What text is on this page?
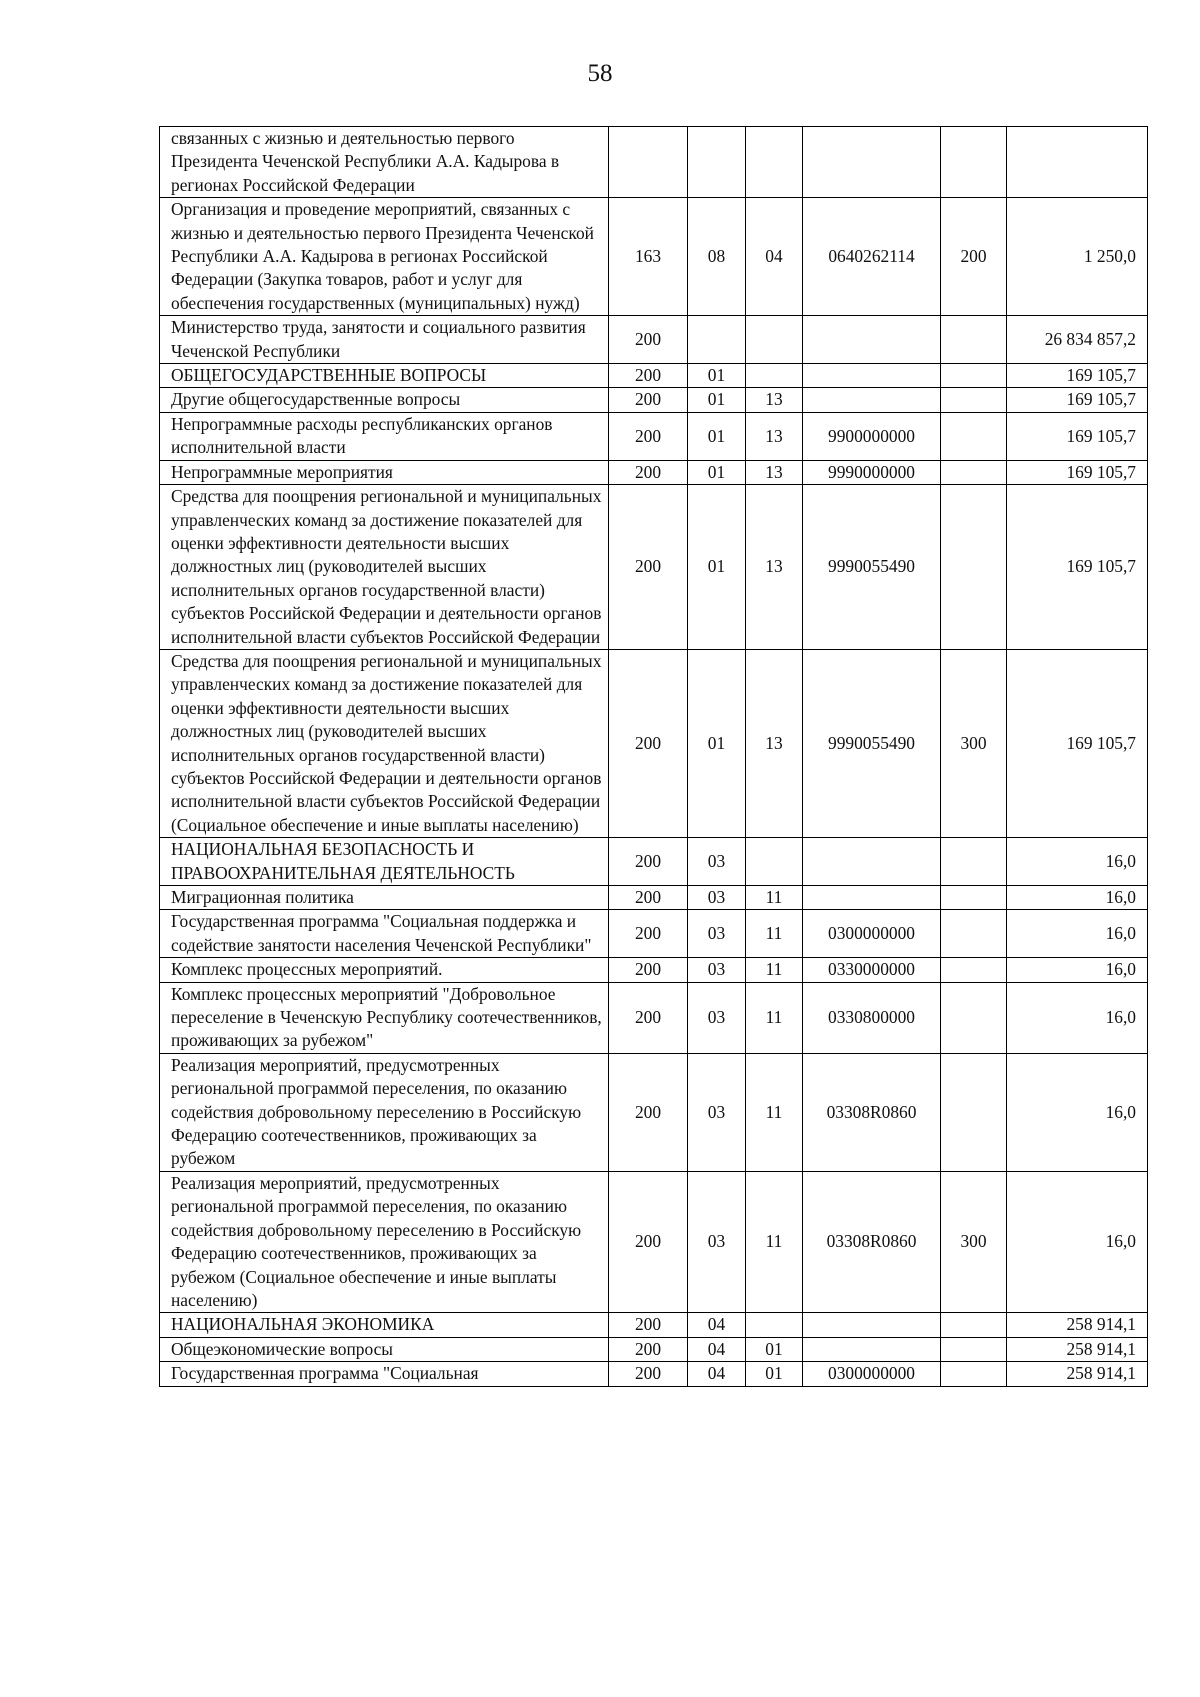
58
связанных с жизнью и деятельностью первого Президента Чеченской Республики А.А. Кадырова в регионах Российской Федерации						
Организация и проведение мероприятий, связанных с жизнью и деятельностью первого Президента Чеченской Республики А.А. Кадырова в регионах Российской Федерации (Закупка товаров, работ и услуг для обеспечения государственных (муниципальных) нужд)	163	08	04	0640262114	200	1 250,0
Министерство труда, занятости и социального развития Чеченской Республики	200					26 834 857,2
ОБЩЕГОСУДАРСТВЕННЫЕ ВОПРОСЫ	200	01				169 105,7
Другие общегосударственные вопросы	200	01	13			169 105,7
Непрограммные расходы республиканских органов исполнительной власти	200	01	13	9900000000		169 105,7
Непрограммные мероприятия	200	01	13	9990000000		169 105,7
Средства для поощрения региональной и муниципальных управленческих команд за достижение показателей для оценки эффективности деятельности высших должностных лиц (руководителей высших исполнительных органов государственной власти) субъектов Российской Федерации и деятельности органов исполнительной власти субъектов Российской Федерации	200	01	13	9990055490		169 105,7
Средства для поощрения региональной и муниципальных управленческих команд за достижение показателей для оценки эффективности деятельности высших должностных лиц (руководителей высших исполнительных органов государственной власти) субъектов Российской Федерации и деятельности органов исполнительной власти субъектов Российской Федерации (Социальное обеспечение и иные выплаты населению)	200	01	13	9990055490	300	169 105,7
НАЦИОНАЛЬНАЯ БЕЗОПАСНОСТЬ И ПРАВООХРАНИТЕЛЬНАЯ ДЕЯТЕЛЬНОСТЬ	200	03				16,0
Миграционная политика	200	03	11			16,0
Государственная программа "Социальная поддержка и содействие занятости населения Чеченской Республики"	200	03	11	0300000000		16,0
Комплекс процессных мероприятий.	200	03	11	0330000000		16,0
Комплекс процессных мероприятий "Добровольное переселение в Чеченскую Республику соотечественников, проживающих за рубежом"	200	03	11	0330800000		16,0
Реализация мероприятий, предусмотренных региональной программой переселения, по оказанию содействия добровольному переселению в Российскую Федерацию соотечественников, проживающих за рубежом	200	03	11	03308R0860		16,0
Реализация мероприятий, предусмотренных региональной программой переселения, по оказанию содействия добровольному переселению в Российскую Федерацию соотечественников, проживающих за рубежом (Социальное обеспечение и иные выплаты населению)	200	03	11	03308R0860	300	16,0
НАЦИОНАЛЬНАЯ ЭКОНОМИКА	200	04				258 914,1
Общеэкономические вопросы	200	04	01			258 914,1
Государственная программа "Социальная	200	04	01	0300000000		258 914,1
